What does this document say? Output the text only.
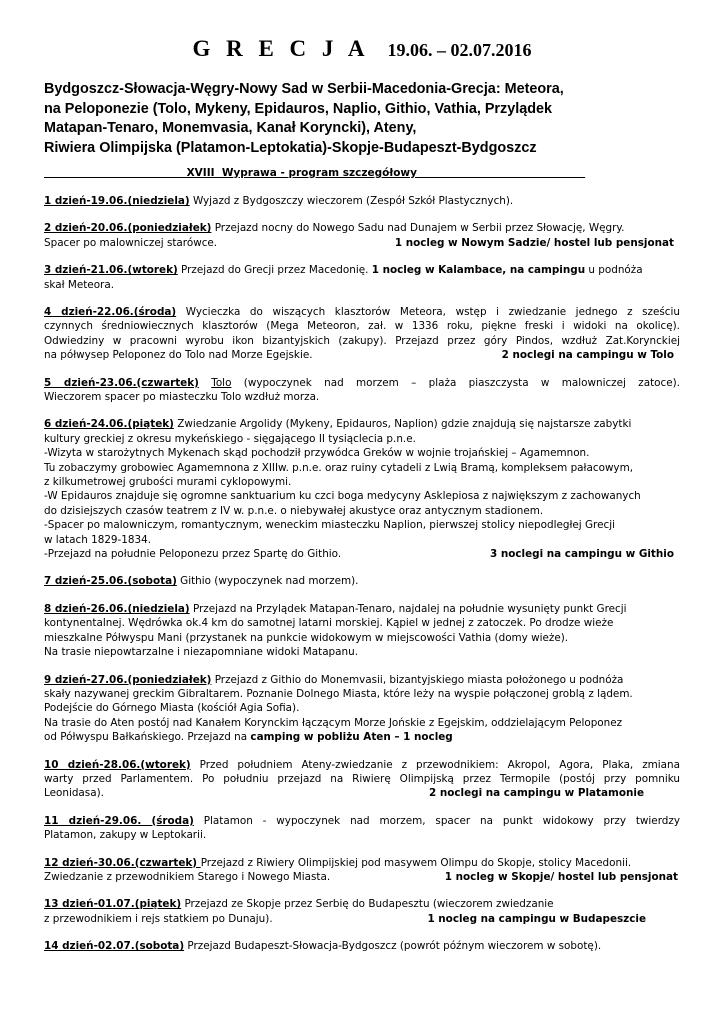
G R E C J A 19.06. – 02.07.2016
Bydgoszcz-Słowacja-Węgry-Nowy Sad w Serbii-Macedonia-Grecja: Meteora,
na Peloponezie (Tolo, Mykeny, Epidauros, Naplio, Githio, Vathia, Przylądek
Matapan-Tenaro, Monemvasia, Kanał Koryncki), Ateny,
Riwiera Olimpijska (Platamon-Leptokatia)-Skopje-Budapeszt-Bydgoszcz
XVIII  Wyprawa - program szczegółowy
1 dzień-19.06.(niedziela) Wyjazd z Bydgoszczy wieczorem (Zespół Szkół Plastycznych).
2 dzień-20.06.(poniedziałek) Przejazd nocny do Nowego Sadu nad Dunajem w Serbii przez Słowację, Węgry.
Spacer po malowniczej starówce.	1 nocleg w Nowym Sadzie/ hostel lub pensjonat
3 dzień-21.06.(wtorek) Przejazd do Grecji przez Macedonię. 1 nocleg w Kalambace, na campingu u podnóża
skał Meteora.
4 dzień-22.06.(środa) Wycieczka do wiszących klasztorów Meteora, wstęp i zwiedzanie jednego z sześciu
czynnych średniowiecznych klasztorów (Mega Meteoron, zał. w 1336 roku, piękne freski i widoki na okolicę).
Odwiedziny w pracowni wyrobu ikon bizantyjskich (zakupy). Przejazd przez góry Pindos, wzdłuż Zat.Korynckiej
na półwysep Peloponez do Tolo nad Morze Egejskie.	2 noclegi na campingu w Tolo
5 dzień-23.06.(czwartek) Tolo (wypoczynek nad morzem – plaża piaszczysta w malowniczej zatoce).
Wieczorem spacer po miasteczku Tolo wzdłuż morza.
6 dzień-24.06.(piątek) Zwiedzanie Argolidy (Mykeny, Epidauros, Naplion) gdzie znajdują się najstarsze zabytki
kultury greckiej z okresu mykeńskiego - sięgającego II tysiąclecia p.n.e.
-Wizyta w starożytnych Mykenach skąd pochodził przywódca Greków w wojnie trojańskiej – Agamemnon.
Tu zobaczymy grobowiec Agamemnona z XIIIw. p.n.e. oraz ruiny cytadeli z Lwią Bramą, kompleksem pałacowym,
z kilkumetrowej grubości murami cyklopowymi.
-W Epidauros znajduje się ogromne sanktuarium ku czci boga medycyny Asklepiosa z największym z zachowanych
do dzisiejszych czasów teatrem z IV w. p.n.e. o niebywałej akustyce oraz antycznym stadionem.
-Spacer po malowniczym, romantycznym, weneckim miasteczku Naplion, pierwszej stolicy niepodległej Grecji
w latach 1829-1834.
-Przejazd na południe Peloponezu przez Spartę do Githio.	3 noclegi na campingu w Githio
7 dzień-25.06.(sobota) Githio (wypoczynek nad morzem).
8 dzień-26.06.(niedziela) Przejazd na Przylądek Matapan-Tenaro, najdalej na południe wysunięty punkt Grecji
kontynentalnej. Wędrówka ok.4 km do samotnej latarni morskiej. Kąpiel w jednej z zatoczek. Po drodze wieże
mieszkalne Półwyspu Mani (przystanek na punkcie widokowym w miejscowości Vathia (domy wieże).
Na trasie niepowtarzalne i niezapomniane widoki Matapanu.
9 dzień-27.06.(poniedziałek) Przejazd z Githio do Monemvasii, bizantyjskiego miasta położonego u podnóża
skały nazywanej greckim Gibraltarem. Poznanie Dolnego Miasta, które leży na wyspie połączonej groblą z lądem.
Podejście do Górnego Miasta (kościół Agia Sofia).
Na trasie do Aten postój nad Kanałem Korynckim łączącym Morze Jońskie z Egejskim, oddzielającym Peloponez
od Półwyspu Bałkańskiego. Przejazd na camping w pobliżu Aten – 1 nocleg
10 dzień-28.06.(wtorek) Przed południem Ateny-zwiedzanie z przewodnikiem: Akropol, Agora, Plaka, zmiana
warty przed Parlamentem. Po południu przejazd na Riwierę Olimpijską przez Termopile (postój przy pomniku
Leonidasa).	2 noclegi na campingu w Platamonie
11 dzień-29.06. (środa) Platamon - wypoczynek nad morzem, spacer na punkt widokowy przy twierdzy
Platamon, zakupy w Leptokarii.
12 dzień-30.06.(czwartek) Przejazd z Riwiery Olimpijskiej pod masywem Olimpu do Skopje, stolicy Macedonii.
Zwiedzanie z przewodnikiem Starego i Nowego Miasta.	1 nocleg w Skopje/ hostel lub pensjonat
13 dzień-01.07.(piątek) Przejazd ze Skopje przez Serbię do Budapesztu (wieczorem zwiedzanie
z przewodnikiem i rejs statkiem po Dunaju).	1 nocleg na campingu w Budapeszcie
14 dzień-02.07.(sobota) Przejazd Budapeszt-Słowacja-Bydgoszcz (powrót późnym wieczorem w sobotę).
